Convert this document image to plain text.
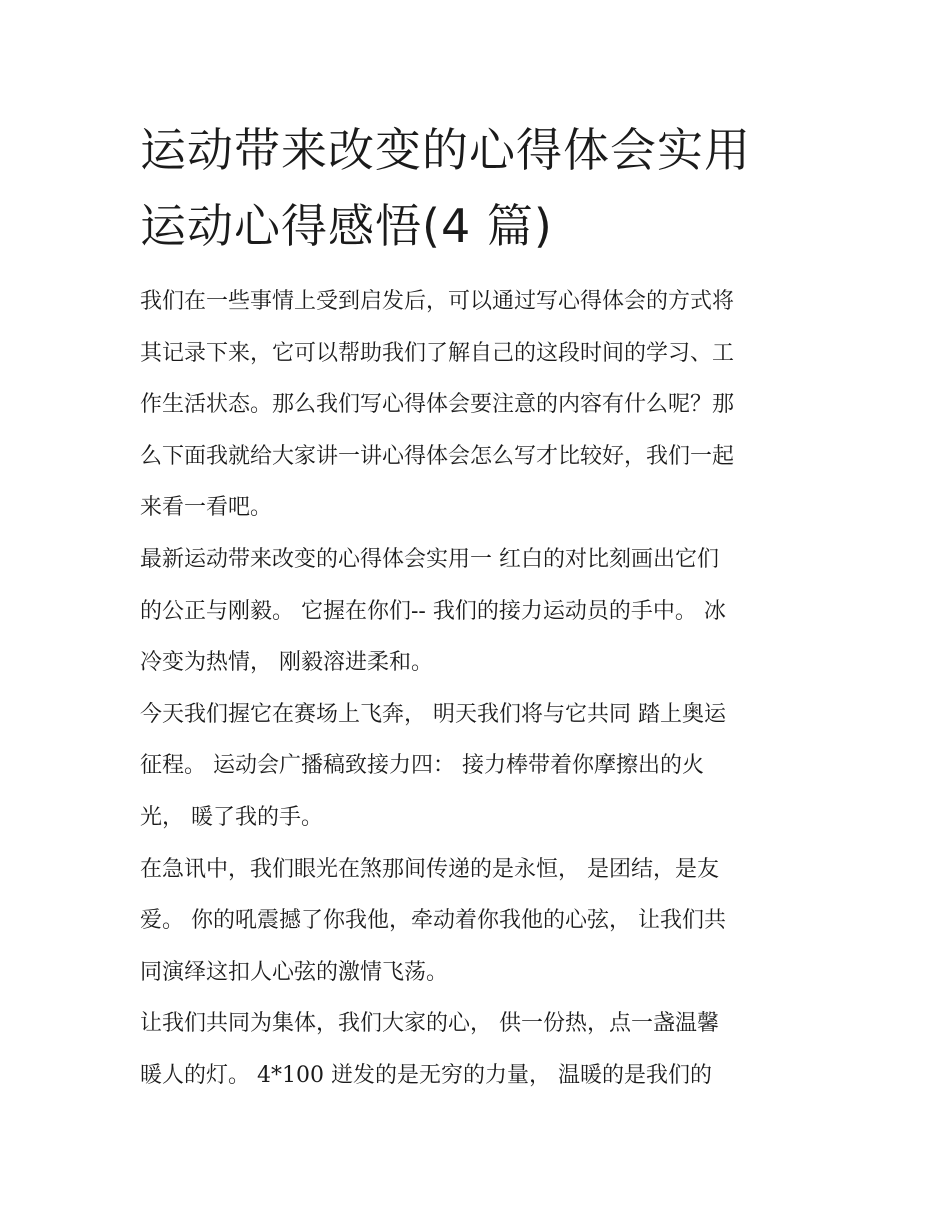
运动带来改变的心得体会实用
运动心得感悟(4 篇)

我们在一些事情上受到启发后，可以通过写心得体会的方式将
其记录下来，它可以帮助我们了解自己的这段时间的学习、工
作生活状态。那么我们写心得体会要注意的内容有什么呢？那
么下面我就给大家讲一讲心得体会怎么写才比较好，我们一起
来看一看吧。

最新运动带来改变的心得体会实用一 红白的对比刻画出它们
的公正与刚毅。 它握在你们-- 我们的接力运动员的手中。 冰
冷变为热情， 刚毅溶进柔和。

今天我们握它在赛场上飞奔， 明天我们将与它共同 踏上奥运
征程。 运动会广播稿致接力四： 接力棒带着你摩擦出的火
光， 暖了我的手。

在急讯中，我们眼光在煞那间传递的是永恒， 是团结，是友
爱。 你的吼震撼了你我他，牵动着你我他的心弦， 让我们共
同演绎这扣人心弦的激情飞荡。

让我们共同为集体，我们大家的心， 供一份热，点一盏温馨
暖人的灯。 4*100 迸发的是无穷的力量， 温暖的是我们的
